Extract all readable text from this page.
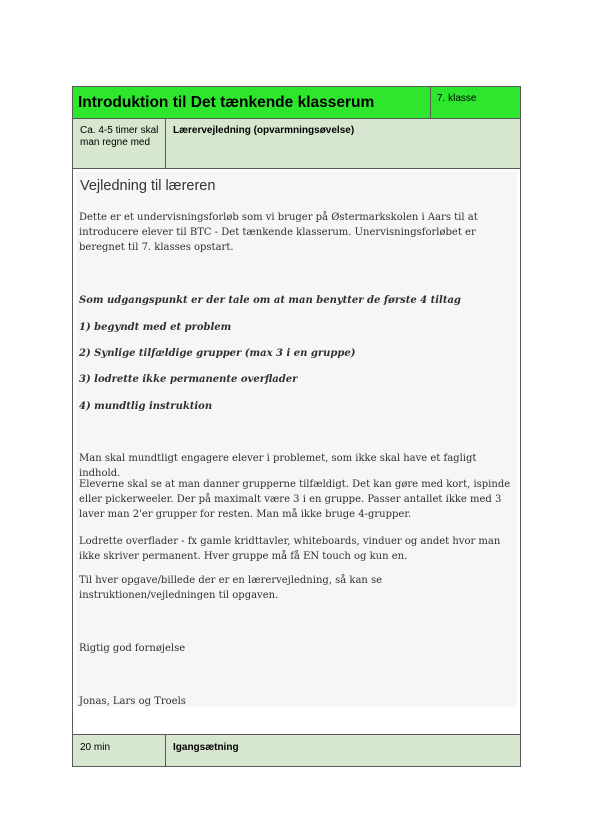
Introduktion til Det tænkende klasserum	7. klasse
Ca. 4-5 timer skal man regne med
Lærervejledning (opvarmningsøvelse)

Vejledning til læreren

Dette er et undervisningsforløb som vi bruger på Østermarkskolen i Aars til at introducere elever til BTC - Det tænkende klasserum. Unervisningsforløbet er beregnet til 7. klasses opstart.

Som udgangspunkt er der tale om at man benytter de første 4 tiltag

1) begyndt med et problem

2) Synlige tilfældige grupper (max 3 i en gruppe)

3) lodrette ikke permanente overflader

4) mundtlig instruktion

Man skal mundtligt engagere elever i problemet, som ikke skal have et fagligt indhold.

Eleverne skal se at man danner grupperne tilfældigt. Det kan gøre med kort, ispinde eller pickerweeler. Der på maximalt være 3 i en gruppe. Passer antallet ikke med 3 laver man 2'er grupper for resten. Man må ikke bruge 4-grupper.

Lodrette overflader - fx gamle kridttavler, whiteboards, vinduer og andet hvor man ikke skriver permanent. Hver gruppe må få EN touch og kun en.

Til hver opgave/billede der er en lærervejledning, så kan se instruktionen/vejledningen til opgaven.

Rigtig god fornøjelse

Jonas, Lars og Troels

20 min	Igangsætning
